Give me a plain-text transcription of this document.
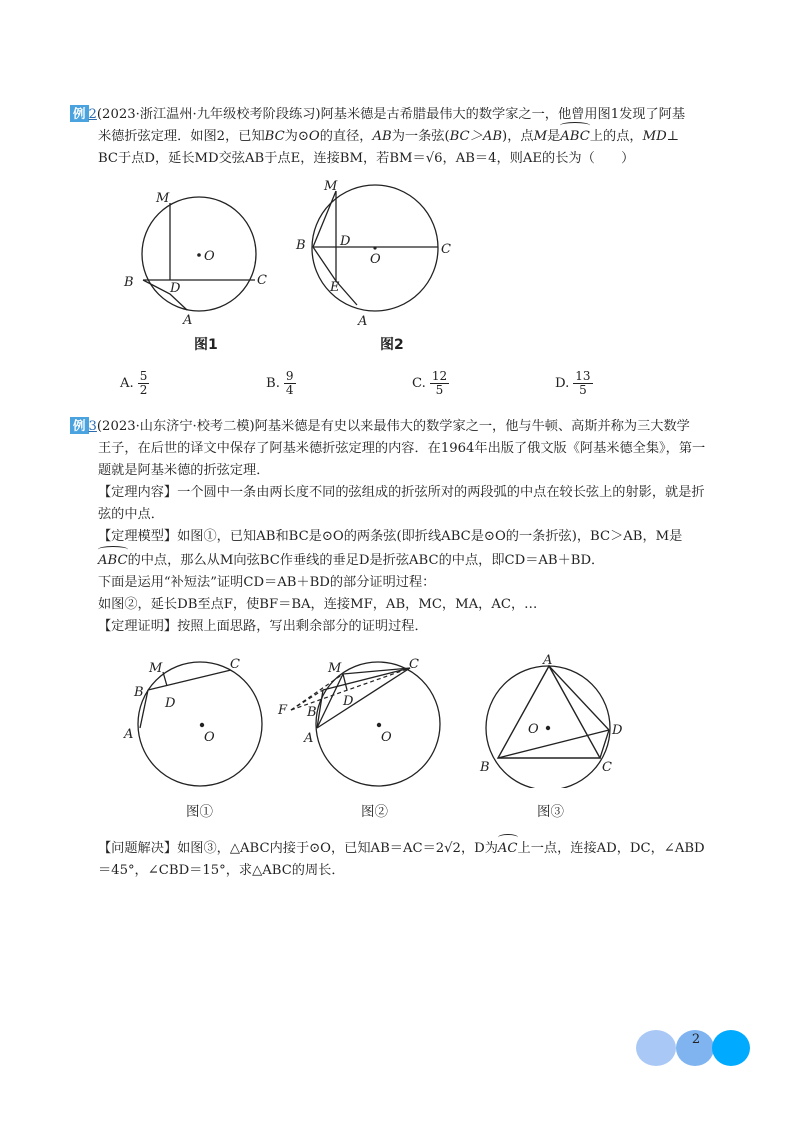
例 2(2023·浙江温州·九年级校考阶段练习)阿基米德是古希腊最伟大的数学家之一，他曾用图1发现了阿基
米德折弦定理．如图2，已知BC为⊙O的直径，AB为一条弦(BC＞AB)，点M是ABC上的点，MD⊥
BC于点D，延长MD交弦AB于点E，连接BM，若BM＝√6，AB＝4，则AE的长为（　　）
O
M
B	C
D
A
图1
O
M
B	C
D
E
A
图2
A. $\frac{5}{2}$	B. $\frac{9}{4}$	C. $\frac{12}{5}$	D. $\frac{13}{5}$
例 3(2023·山东济宁·校考二模)阿基米德是有史以来最伟大的数学家之一，他与牛顿、高斯并称为三大数学
王子，在后世的译文中保存了阿基米德折弦定理的内容．在1964年出版了俄文版《阿基米德全集》，第一
题就是阿基米德的折弦定理．
【定理内容】一个圆中一条由两长度不同的弦组成的折弦所对的两段弧的中点在较长弦上的射影，就是折
弦的中点．
【定理模型】如图①，已知AB和BC是⊙O的两条弦(即折线ABC是⊙O的一条折弦)，BC＞AB，M是
ABC的中点，那么从M向弦BC作垂线的垂足D是折弦ABC的中点，即CD＝AB＋BD．
下面是运用“补短法”证明CD＝AB＋BD的部分证明过程：
如图②，延长DB至点F，使BF＝BA，连接MF，AB，MC，MA，AC，…
【定理证明】按照上面思路，写出剩余部分的证明过程．
O
M
B
C
D
A
图①
O
M
B
C
D
A
F
图②
O
A
B	C
D
图③
【问题解决】如图③，△ABC内接于⊙O，已知AB＝AC＝2√2，D为AC上一点，连接AD，DC，∠ABD
＝45°，∠CBD＝15°，求△ABC的周长．
2
